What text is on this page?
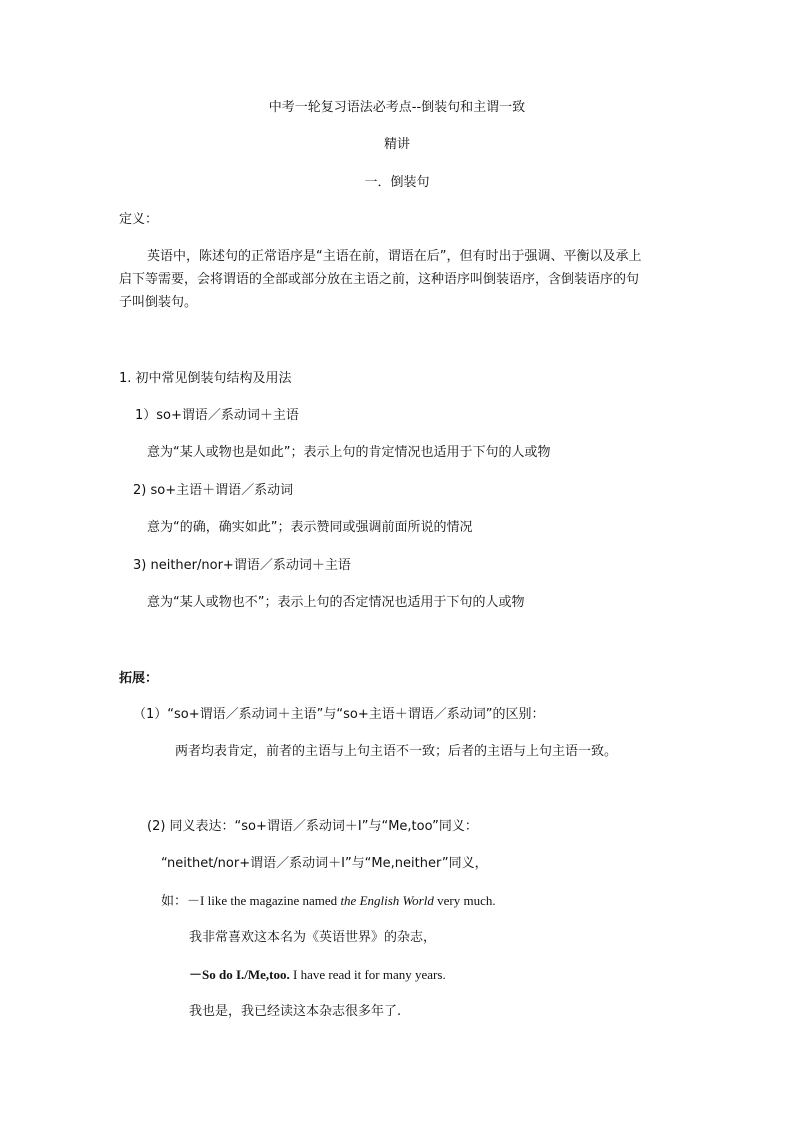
中考一轮复习语法必考点--倒装句和主谓一致
精讲
一．倒装句
定义：
英语中，陈述句的正常语序是“主语在前，谓语在后”，但有时出于强调、平衡以及承上
启下等需要，会将谓语的全部或部分放在主语之前，这种语序叫倒装语序，含倒装语序的句
子叫倒装句。
1. 初中常见倒装句结构及用法
1）so+谓语／系动词＋主语
意为“某人或物也是如此”；表示上句的肯定情况也适用于下句的人或物
2) so+主语＋谓语／系动词
意为“的确，确实如此”；表示赞同或强调前面所说的情况
3) neither/nor+谓语／系动词＋主语
意为“某人或物也不”；表示上句的否定情况也适用于下句的人或物
拓展：
（1）“so+谓语／系动词＋主语”与“so+主语＋谓语／系动词”的区别：
两者均表肯定，前者的主语与上句主语不一致；后者的主语与上句主语一致。
(2) 同义表达：“so+谓语／系动词＋I”与“Me,too”同义：
“neithet/nor+谓语／系动词＋I”与“Me,neither”同义，
如：－I like the magazine named the English World very much.
我非常喜欢这本名为《英语世界》的杂志，
－So do I./Me,too. I have read it for many years.
我也是，我已经读这本杂志很多年了.
